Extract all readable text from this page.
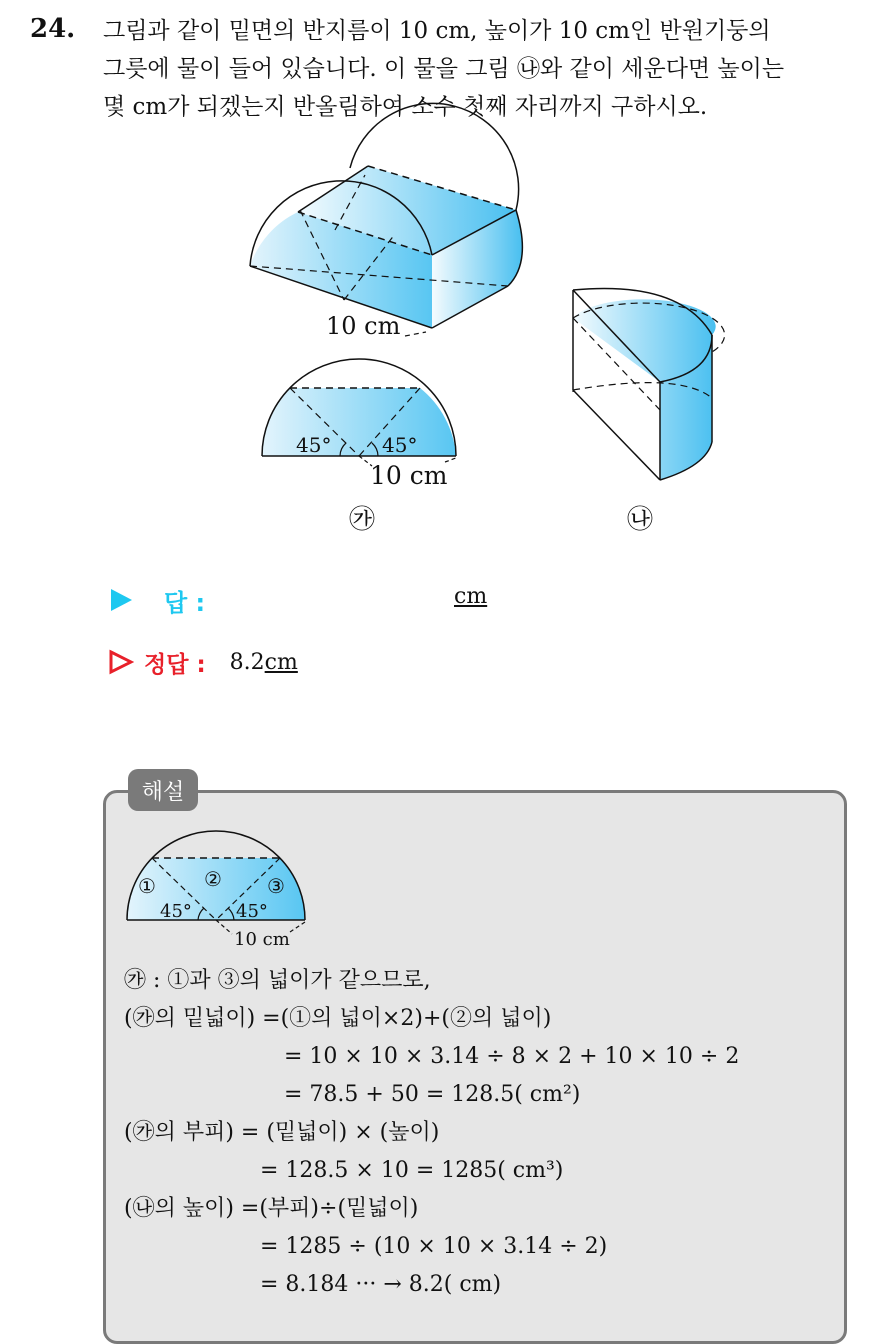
24. 그림과 같이 밑면의 반지름이 10 cm, 높이가 10 cm인 반원기둥의
그릇에 물이 들어 있습니다. 이 물을 그림 ㉯와 같이 세운다면 높이는
몇 cm가 되겠는지 반올림하여 소수 첫째 자리까지 구하시오.
10 cm
45°	45°
10 cm
㉮	㉯
답 :	cm
정답 : 8.2 cm
해설
① ② ③
45° 45°
10 cm
㉮ : ①과 ③의 넓이가 같으므로,
(㉮의 밑넓이) =(①의 넓이×2)+(②의 넓이)
= 10 × 10 × 3.14 ÷ 8 × 2 + 10 × 10 ÷ 2
= 78.5 + 50 = 128.5( cm²)
(㉮의 부피) = (밑넓이) × (높이)
= 128.5 × 10 = 1285( cm³)
(㉯의 높이) =(부피)÷(밑넓이)
= 1285 ÷ (10 × 10 × 3.14 ÷ 2)
= 8.184 ··· → 8.2( cm)
